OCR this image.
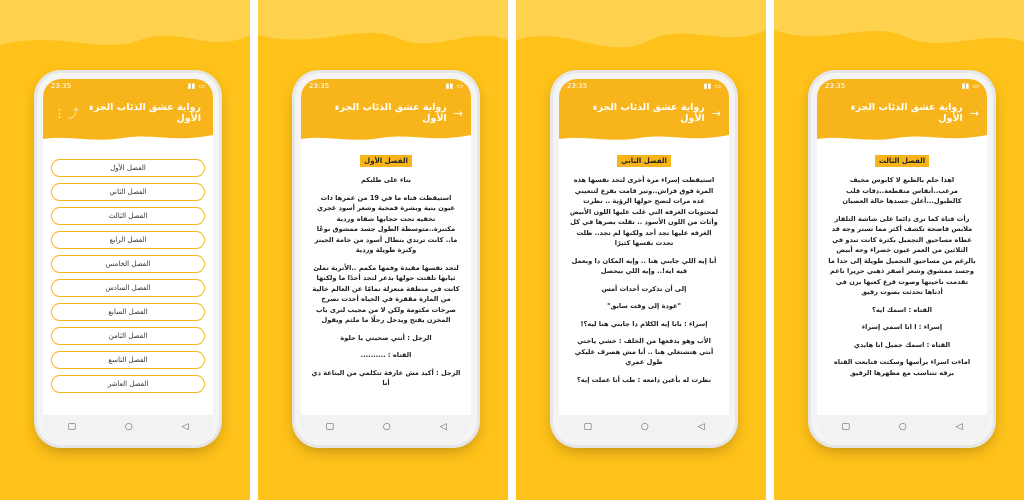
23:35	▮▮ ▭
⋮ ⤴	رواية عشق الذئاب الجزء الأول
الفصل الأول
الفصل الثاني
الفصل الثالث
الفصل الرابع
الفصل الخامس
الفصل السادس
الفصل السابع
الفصل الثامن
الفصل التاسع
الفصل العاشر
▢	○	◁
23:35	▮▮ ▭
رواية عشق الذئاب الجزء الأول →
الفصل الأول

بناء على طلبكم

استيقظت فتاه ما في 19 من عمرها ذات عيون بنية وبشرة قمحية وشعر أسود غجري تخفيه تحت حجابها شفاه وردية مكتنزة..متوسطة الطول جسد ممشوق نوعًا ما.. كانت ترتدي بنطال أسود من خامة الجينز وكنزة طويلة وردية

لتجد نفسها مقيدة وفمها مكمم ..الأتربة تملئ ثيابها تلفتت حولها بذعر لتجد أحدًا ما ولكنها كانت في منطقة منعزلة تمامًا عن العالم خالية من المارة مقفرة في الحياه أخذت تصرخ صرخات مكتومة ولكن لا من مجيب لترى باب المخزن يفتح ويدخل رجلًا ما ملثم ويقول

الرجل : أنتي صحيتي يا حلوة

الفتاه : ..........

الرجل : أكيد مش عارفة تتكلمي من البتاعة دي أنا

▢	○	◁
23:35	▮▮ ▭
رواية عشق الذئاب الجزء الأول →
الفصل الثاني

استيقظت إسراء مرة أخرى لتجد نفسها هذه المرة فوق فراش..وتبر قامت بفزع لتتعيني عده مرات لتضح حولها الرؤية .. نظرت لمحتويات الغرفه التي غلب عليها اللون الأبيض وأثاث من اللون الأسود .. نقلت بصرها في كل الغرفه عليها تجد أحد ولكنها لم تجد.. ظلت تحدث نفسها كثيرًا

أنا إيه اللي جابني هنا .. وإيه المكان دا وبعمل فيه ايه!.. وإيه اللي بيحصل

إلى أن تذكرت أحداث أمس

"عودة إلى وقت سابق"

إسراء : بابا إيه الكلام دا جابني هنا ليه؟!

الأب وهو يدفعها من الخلف : خشي ياختي أنتي هتشتغلي هنا .. أنا مش هصرف عليكي طول عمري

نظرت له بأعين دامعه : طب أنا عملت إيه؟

▢	○	◁
23:35	▮▮ ▭
رواية عشق الذئاب الجزء الأول →
الفصل الثالث

اهذا حلم بالطبع لا كابوس مخيف مرعب..أنفاس متقطعة..دقات قلب كالطبول...أعلن جسدها حالة العصيان

رأت فتاة كما ترى دائما على شاشة التلفاز ملابس فاضحة تكشف أكثر مما تستر وجه قد غطاه مساحيق التجميل بكثرة كانت تبدو في الثلاثين من العمر عيون خضراء وجه أبيض بالرغم من مساحيق التجميل طويلة إلى حدا ما وجسد ممشوق وشعر أصفر ذهبي حريرا ناعم تقدمت ناحيتها وصوت قرع كعبها يرن في أذناها تحدثت بصوت رقيق

الفتاه : اسمك ايه؟

إسراء : ا انا اسمي إسراء

الفتاه : اسمك جميل انا هايدي

اماءت اسراء برأسها وسكتت فتابعت الفتاه برقه تتناسب مع مظهرها الرقيق

▢	○	◁
